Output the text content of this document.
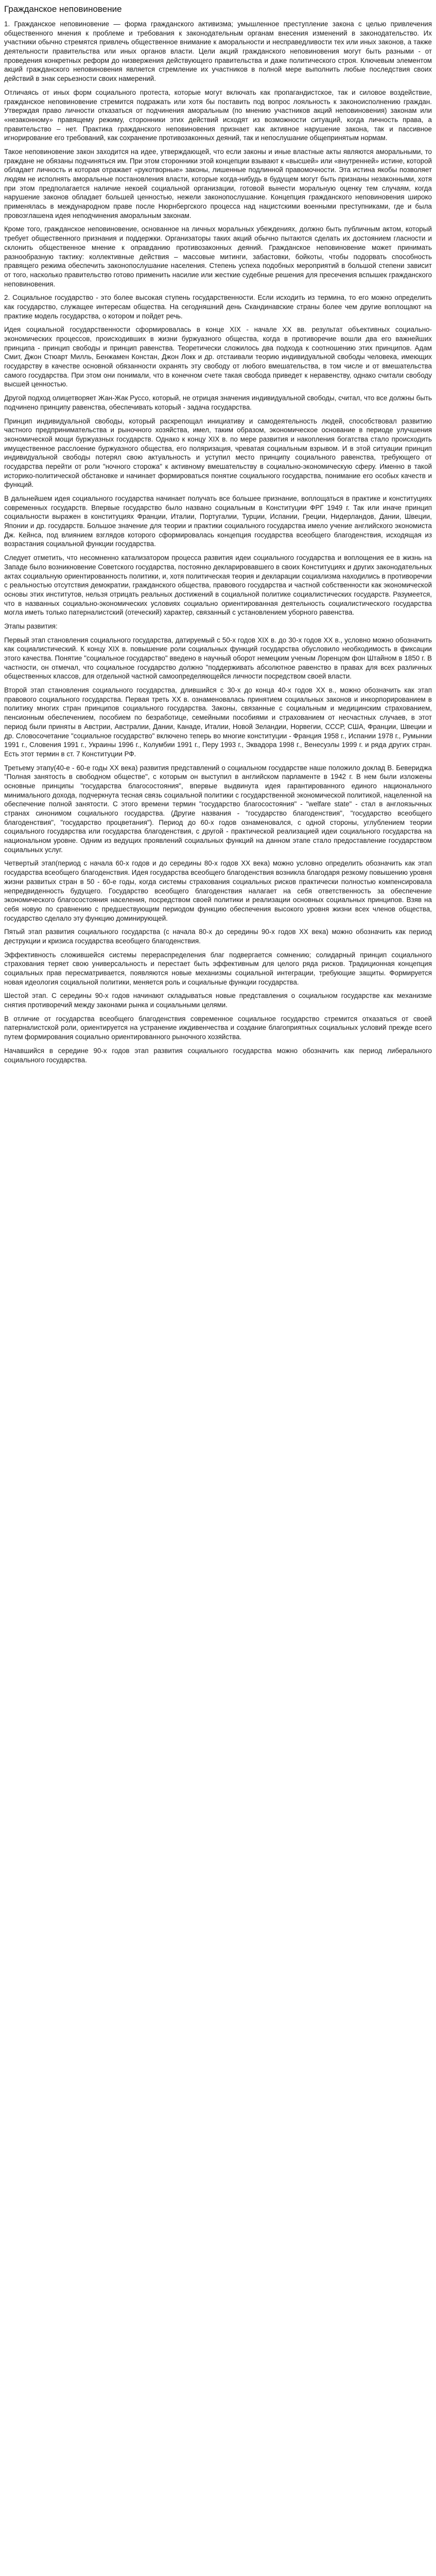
Гражданское неповиновение

1. Гражданское неповиновение — форма гражданского активизма; умышленное преступление закона с целью привлечения общественного мнения к проблеме и требования к законодательным органам внесения изменений в законодательство. Их участники обычно стремятся привлечь общественное внимание к аморальности и несправедливости тех или иных законов, а также деятельности правительства или иных органов власти. Цели акций гражданского неповиновения могут быть разными - от проведения конкретных реформ до низвержения действующего правительства и даже политического строя. Ключевым элементом акций гражданского неповиновения является стремление их участников в полной мере выполнить любые последствия своих действий в знак серьезности своих намерений.

Отличаясь от иных форм социального протеста, которые могут включать как пропагандистское, так и силовое воздействие, гражданское неповиновение стремится подражать или хотя бы поставить под вопрос лояльность к законоисполнению граждан. Утверждая право личности отказаться от подчинения аморальным (по мнению участников акций неповиновения) законам или «незаконному» правящему режиму, сторонники этих действий исходят из возможности ситуаций, когда личность права, а правительство – нет. Практика гражданского неповиновения признает как активное нарушение закона, так и пассивное игнорирование его требований, как сохранение противозаконных деяний, так и непослушание общепринятым нормам.

Такое неповиновение закон заходится на идее, утверждающей, что если законы и иные властные акты являются аморальными, то граждане не обязаны подчиняться им. При этом сторонники этой концепции взывают к «высшей» или «внутренней» истине, которой обладает личность и которая отражает «рукотворные» законы, лишенные подлинной правомочности. Эта истина якобы позволяет людям не исполнять аморальные постановления власти, которые когда-нибудь в будущем могут быть признаны незаконными, хотя при этом предполагается наличие некоей социальной организации, готовой вынести моральную оценку тем случаям, когда нарушение законов обладает большей ценностью, нежели законопослушание. Концепция гражданского неповиновения широко применялась в международном праве после Нюрнбергского процесса над нацистскими военными преступниками, где и была провозглашена идея неподчинения аморальным законам.

Кроме того, гражданское неповиновение, основанное на личных моральных убеждениях, должно быть публичным актом, который требует общественного признания и поддержки. Организаторы таких акций обычно пытаются сделать их достоянием гласности и склонить общественное мнение к оправданию противозаконных деяний. Гражданское неповиновение может принимать разнообразную тактику: коллективные действия – массовые митинги, забастовки, бойкоты, чтобы подорвать способность правящего режима обеспечить законопослушание населения. Степень успеха подобных мероприятий в большой степени зависит от того, насколько правительство готово применить насилие или жесткие судебные решения для пресечения вспышек гражданского неповиновения.

2. Социальное государство - это более высокая ступень государственности. Если исходить из термина, то его можно определить как государство, служащее интересам общества. На сегодняшний день Скандинавские страны более чем другие воплощают на практике модель государства, о котором и пойдет речь.

Идея социальной государственности сформировалась в конце XIX - начале XX вв. результат объективных социально-экономических процессов, происходивших в жизни буржуазного общества, когда в противоречие вошли два его важнейших принципа - принцип свободы и принцип равенства. Теоретически сложилось два подхода к соотношению этих принципов. Адам Смит, Джон Стюарт Милль, Бенжамен Констан, Джон Локк и др. отстаивали теорию индивидуальной свободы человека, имеющих государству в качестве основной обязанности охранять эту свободу от любого вмешательства, в том числе и от вмешательства самого государства. При этом они понимали, что в конечном счете такая свобода приведет к неравенству, однако считали свободу высшей ценностью.

Другой подход олицетворяет Жан-Жак Руссо, который, не отрицая значения индивидуальной свободы, считал, что все должны быть подчинено принципу равенства, обеспечивать который - задача государства.

Принцип индивидуальной свободы, который раскрепощал инициативу и самодеятельность людей, способствовал развитию частного предпринимательства и рыночного хозяйства, имел, таким образом, экономическое основание в периоде улучшения экономической мощи буржуазных государств. Однако к концу XIX в. по мере развития и накопления богатства стало происходить имущественное расслоение буржуазного общества, его поляризация, чреватая социальным взрывом. И в этой ситуации принцип индивидуальной свободы потерял свою актуальность и уступил место принципу социального равенства, требующего от государства перейти от роли "ночного сторожа" к активному вмешательству в социально-экономическую сферу. Именно в такой историко-политической обстановке и начинает формироваться понятие социального государства, понимание его особых качеств и функций.

В дальнейшем идея социального государства начинает получать все большее признание, воплощаться в практике и конституциях современных государств. Впервые государство было названо социальным в Конституции ФРГ 1949 г. Так или иначе принцип социальности выражен в конституциях Франции, Италии, Португалии, Турции, Испании, Греции, Нидерландов, Дании, Швеции, Японии и др. государств. Большое значение для теории и практики социального государства имело учение английского экономиста Дж. Кейнса, под влиянием взглядов которого сформировалась концепция государства всеобщего благоденствия, исходящая из возрастания социальной функции государства.

Следует отметить, что несомненно катализатором процесса развития идеи социального государства и воплощения ее в жизнь на Западе было возникновение Советского государства, постоянно декларировавшего в своих Конституциях и других законодательных актах социальную ориентированность политики, и, хотя политическая теория и декларации социализма находились в противоречии с реальностью отсутствия демократии, гражданского общества, правового государства и частной собственности как экономической основы этих институтов, нельзя отрицать реальных достижений в социальной политике социалистических государств. Разумеется, что в названных социально-экономических условиях социально ориентированная деятельность социалистического государства могла иметь только патерналистский (отеческий) характер, связанный с установлением уборного равенства.

Этапы развития:

Первый этап становления социального государства, датируемый с 50-х годов XIX в. до 30-х годов XX в., условно можно обозначить как социалистический. К концу XIX в. повышение роли социальных функций государства обусловило необходимость в фиксации этого качества. Понятие "социальное государство" введено в научный оборот немецким ученым Лоренцом фон Штайном в 1850 г. В частности, он отмечал, что социальное государство должно "поддерживать абсолютное равенство в правах для всех различных общественных классов, для отдельной частной самоопределяющейся личности посредством своей власти.

Второй этап становления социального государства, длившийся с 30-х до конца 40-х годов XX в., можно обозначить как этап правового социального государства. Первая треть XX в. ознаменовалась принятием социальных законов и инкорпорированием в политику многих стран принципов социального государства. Законы, связанные с социальным и медицинским страхованием, пенсионным обеспечением, пособием по безработице, семейными пособиями и страхованием от несчастных случаев, в этот период были приняты в Австрии, Австралии, Дании, Канаде, Италии, Новой Зеландии, Норвегии, СССР, США, Франции, Швеции и др. Словосочетание "социальное государство" включено теперь во многие конституции - Франция 1958 г., Испании 1978 г., Румынии 1991 г., Словения 1991 г., Украины 1996 г., Колумбии 1991 г., Перу 1993 г., Эквадора 1998 г., Венесуэлы 1999 г. и ряда других стран. Есть этот термин в ст. 7 Конституции РФ.

Третьему этапу(40-е - 60-е годы XX века) развития представлений о социальном государстве наше положило доклад В. Бевериджа "Полная занятость в свободном обществе", с которым он выступил в английском парламенте в 1942 г. В нем были изложены основные принципы "государства благосостояния", впервые выдвинута идея гарантированного единого национального минимального дохода, подчеркнута тесная связь социальной политики с государственной экономической политикой, нацеленной на обеспечение полной занятости. С этого времени термин "государство благосостояния" - "welfare state" - стал в англоязычных странах синонимом социального государства. (Другие названия - "государство благоденствия", "государство всеобщего благоденствия", "государство процветания"). Период до 60-х годов ознаменовался, с одной стороны, углублением теории социального государства или государства благоденствия, с другой - практической реализацией идеи социального государства на национальном уровне. Одним из ведущих проявлений социальных функций на данном этапе стало предоставление государством социальных услуг.

Четвертый этап(период с начала 60-х годов и до середины 80-х годов XX века) можно условно определить обозначить как этап государства всеобщего благоденствия. Идея государства всеобщего благоденствия возникла благодаря резкому повышению уровня жизни развитых стран в 50 - 60-е годы, когда системы страхования социальных рисков практически полностью компенсировала непредвиденность будущего. Государство всеобщего благоденствия налагает на себя ответственность за обеспечение экономического благосостояния населения, посредством своей политики и реализации основных социальных принципов. Взяв на себя новую по сравнению с предшествующим периодом функцию обеспечения высокого уровня жизни всех членов общества, государство сделало эту функцию доминирующей.

Пятый этап развития социального государства (с начала 80-х до середины 90-х годов XX века) можно обозначить как период деструкции и кризиса государства всеобщего благоденствия.

Эффективность сложившейся системы перераспределения благ подвергается сомнению; солидарный принцип социального страхования теряет свою универсальность и перестает быть эффективным для целого ряда рисков. Традиционная концепция социальных прав пересматривается, появляются новые механизмы социальной интеграции, требующие защиты. Формируется новая идеология социальной политики, меняется роль и социальные функции государства.

Шестой этап. С середины 90-х годов начинают складываться новые представления о социальном государстве как механизме снятия противоречий между законами рынка и социальными целями.

В отличие от государства всеобщего благоденствия современное социальное государство стремится отказаться от своей патерналистской роли, ориентируется на устранение иждивенчества и создание благоприятных социальных условий прежде всего путем формирования социально ориентированного рыночного хозяйства.

Начавшийся в середине 90-х годов этап развития социального государства можно обозначить как период либерального социального государства.
